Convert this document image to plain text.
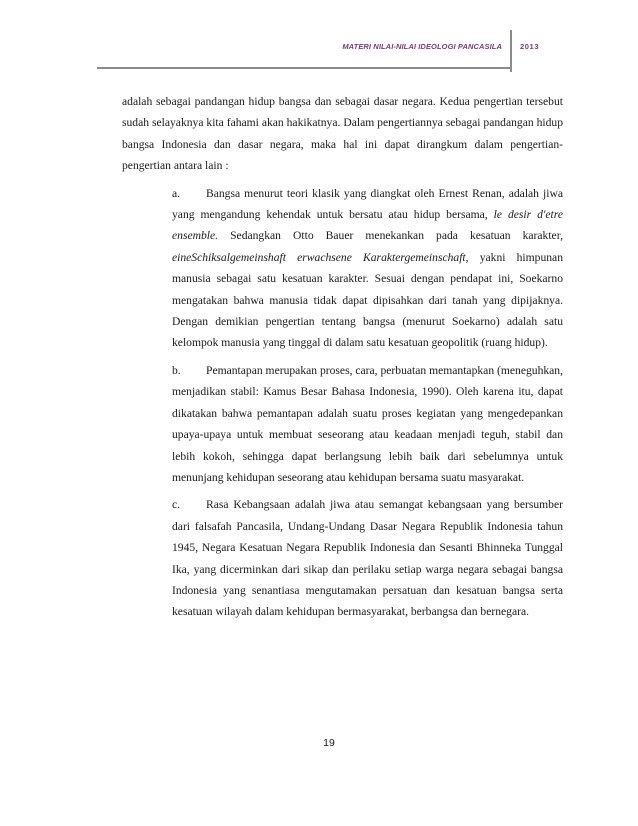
MATERI NILAI-NILAI IDEOLOGI PANCASILA 2013

adalah sebagai pandangan hidup bangsa dan sebagai dasar negara. Kedua pengertian tersebut sudah selayaknya kita fahami akan hakikatnya. Dalam pengertiannya sebagai pandangan hidup bangsa Indonesia dan dasar negara, maka hal ini dapat dirangkum dalam pengertian-pengertian antara lain :

a. Bangsa menurut teori klasik yang diangkat oleh Ernest Renan, adalah jiwa yang mengandung kehendak untuk bersatu atau hidup bersama, le desir d'etre ensemble. Sedangkan Otto Bauer menekankan pada kesatuan karakter, eineSchiksalgemeinshaft erwachsene Karaktergemeinschaft, yakni himpunan manusia sebagai satu kesatuan karakter. Sesuai dengan pendapat ini, Soekarno mengatakan bahwa manusia tidak dapat dipisahkan dari tanah yang dipijaknya. Dengan demikian pengertian tentang bangsa (menurut Soekarno) adalah satu kelompok manusia yang tinggal di dalam satu kesatuan geopolitik (ruang hidup).

b. Pemantapan merupakan proses, cara, perbuatan memantapkan (meneguhkan, menjadikan stabil: Kamus Besar Bahasa Indonesia, 1990). Oleh karena itu, dapat dikatakan bahwa pemantapan adalah suatu proses kegiatan yang mengedepankan upaya-upaya untuk membuat seseorang atau keadaan menjadi teguh, stabil dan lebih kokoh, sehingga dapat berlangsung lebih baik dari sebelumnya untuk menunjang kehidupan seseorang atau kehidupan bersama suatu masyarakat.

c. Rasa Kebangsaan adalah jiwa atau semangat kebangsaan yang bersumber dari falsafah Pancasila, Undang-Undang Dasar Negara Republik Indonesia tahun 1945, Negara Kesatuan Negara Republik Indonesia dan Sesanti Bhinneka Tunggal Ika, yang dicerminkan dari sikap dan perilaku setiap warga negara sebagai bangsa Indonesia yang senantiasa mengutamakan persatuan dan kesatuan bangsa serta kesatuan wilayah dalam kehidupan bermasyarakat, berbangsa dan bernegara.

19
